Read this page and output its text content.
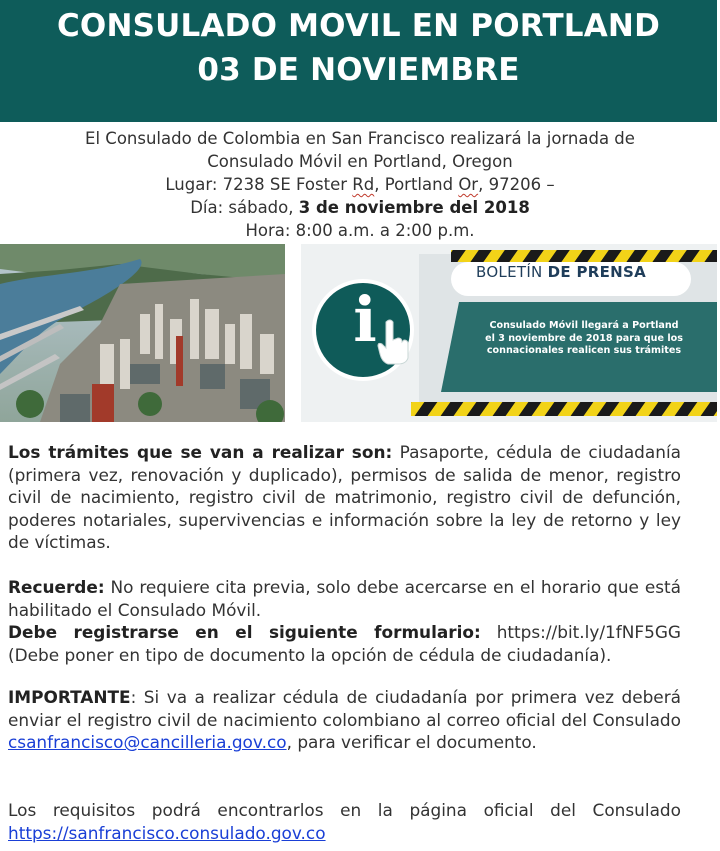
CONSULADO MOVIL EN PORTLAND
03 DE NOVIEMBRE
El Consulado de Colombia en San Francisco realizará la jornada de
Consulado Móvil en Portland, Oregon
Lugar: 7238 SE Foster Rd, Portland Or, 97206 –
Día: sábado, 3 de noviembre del 2018
Hora: 8:00 a.m. a 2:00 p.m.
BOLETÍN DE PRENSA
i	Consulado Móvil llegará a Portland
el 3 noviembre de 2018 para que los
connacionales realicen sus trámites
Los trámites que se van a realizar son: Pasaporte, cédula de ciudadanía (primera vez, renovación y duplicado), permisos de salida de menor, registro civil de nacimiento, registro civil de matrimonio, registro civil de defunción, poderes notariales, supervivencias e información sobre la ley de retorno y ley de víctimas.
Recuerde: No requiere cita previa, solo debe acercarse en el horario que está habilitado el Consulado Móvil.
Debe registrarse en el siguiente formulario: https://bit.ly/1fNF5GG
(Debe poner en tipo de documento la opción de cédula de ciudadanía).
IMPORTANTE: Si va a realizar cédula de ciudadanía por primera vez deberá enviar el registro civil de nacimiento colombiano al correo oficial del Consulado csanfrancisco@cancilleria.gov.co, para verificar el documento.
Los requisitos podrá encontrarlos en la página oficial del Consulado https://sanfrancisco.consulado.gov.co
